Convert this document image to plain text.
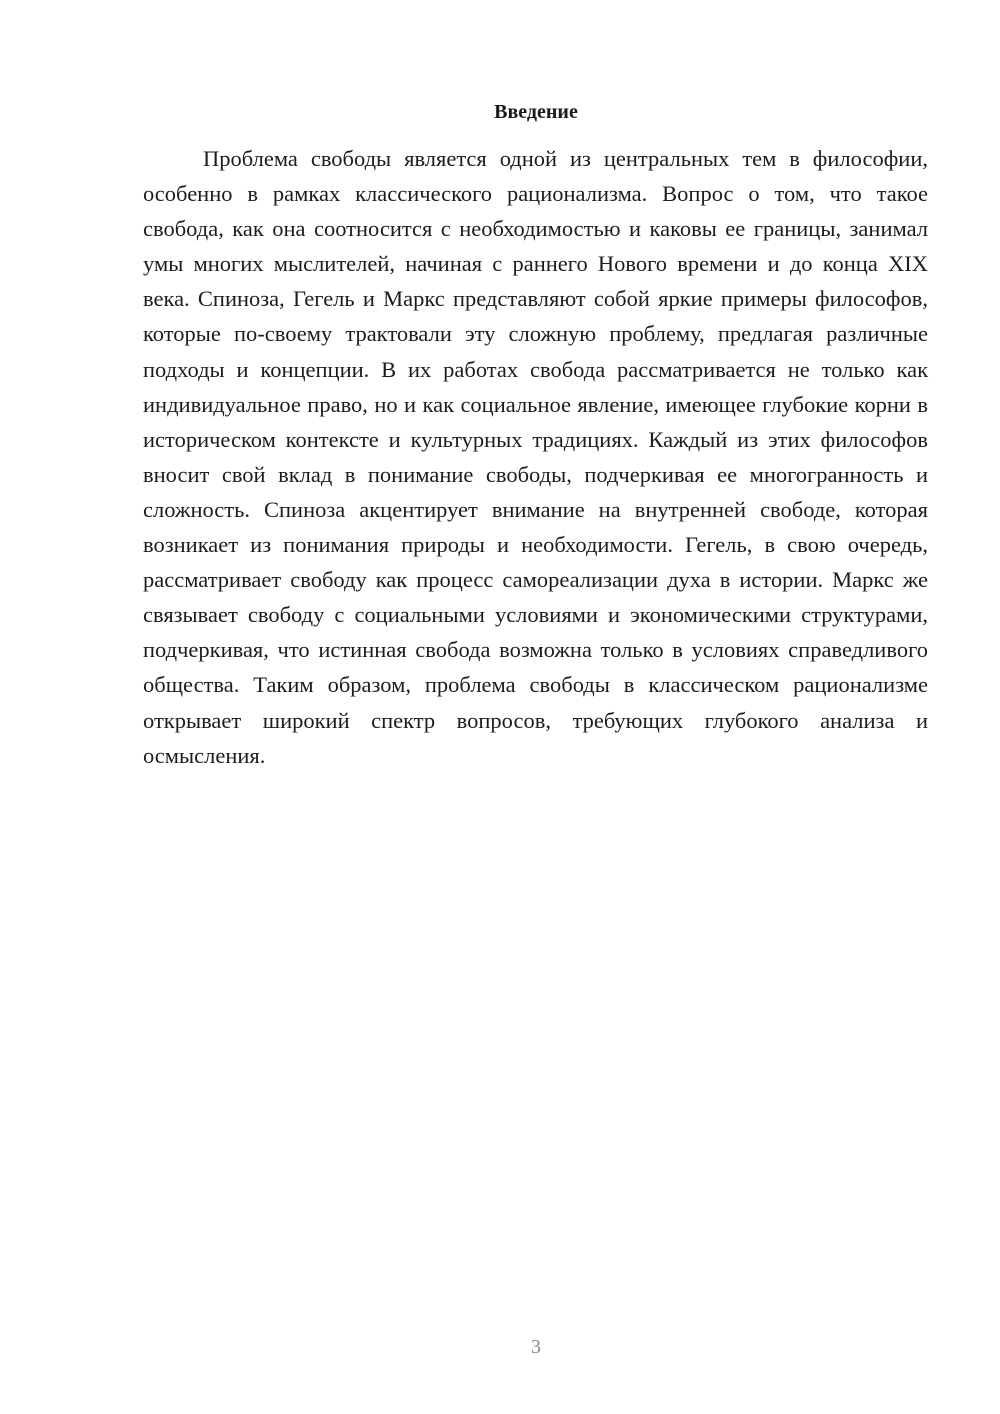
Введение

Проблема свободы является одной из центральных тем в философии, особенно в рамках классического рационализма. Вопрос о том, что такое свобода, как она соотносится с необходимостью и каковы ее границы, занимал умы многих мыслителей, начиная с раннего Нового времени и до конца XIX века. Спиноза, Гегель и Маркс представляют собой яркие примеры философов, которые по-своему трактовали эту сложную проблему, предлагая различные подходы и концепции. В их работах свобода рассматривается не только как индивидуальное право, но и как социальное явление, имеющее глубокие корни в историческом контексте и культурных традициях. Каждый из этих философов вносит свой вклад в понимание свободы, подчеркивая ее многогранность и сложность. Спиноза акцентирует внимание на внутренней свободе, которая возникает из понимания природы и необходимости. Гегель, в свою очередь, рассматривает свободу как процесс самореализации духа в истории. Маркс же связывает свободу с социальными условиями и экономическими структурами, подчеркивая, что истинная свобода возможна только в условиях справедливого общества. Таким образом, проблема свободы в классическом рационализме открывает широкий спектр вопросов, требующих глубокого анализа и осмысления.

3
